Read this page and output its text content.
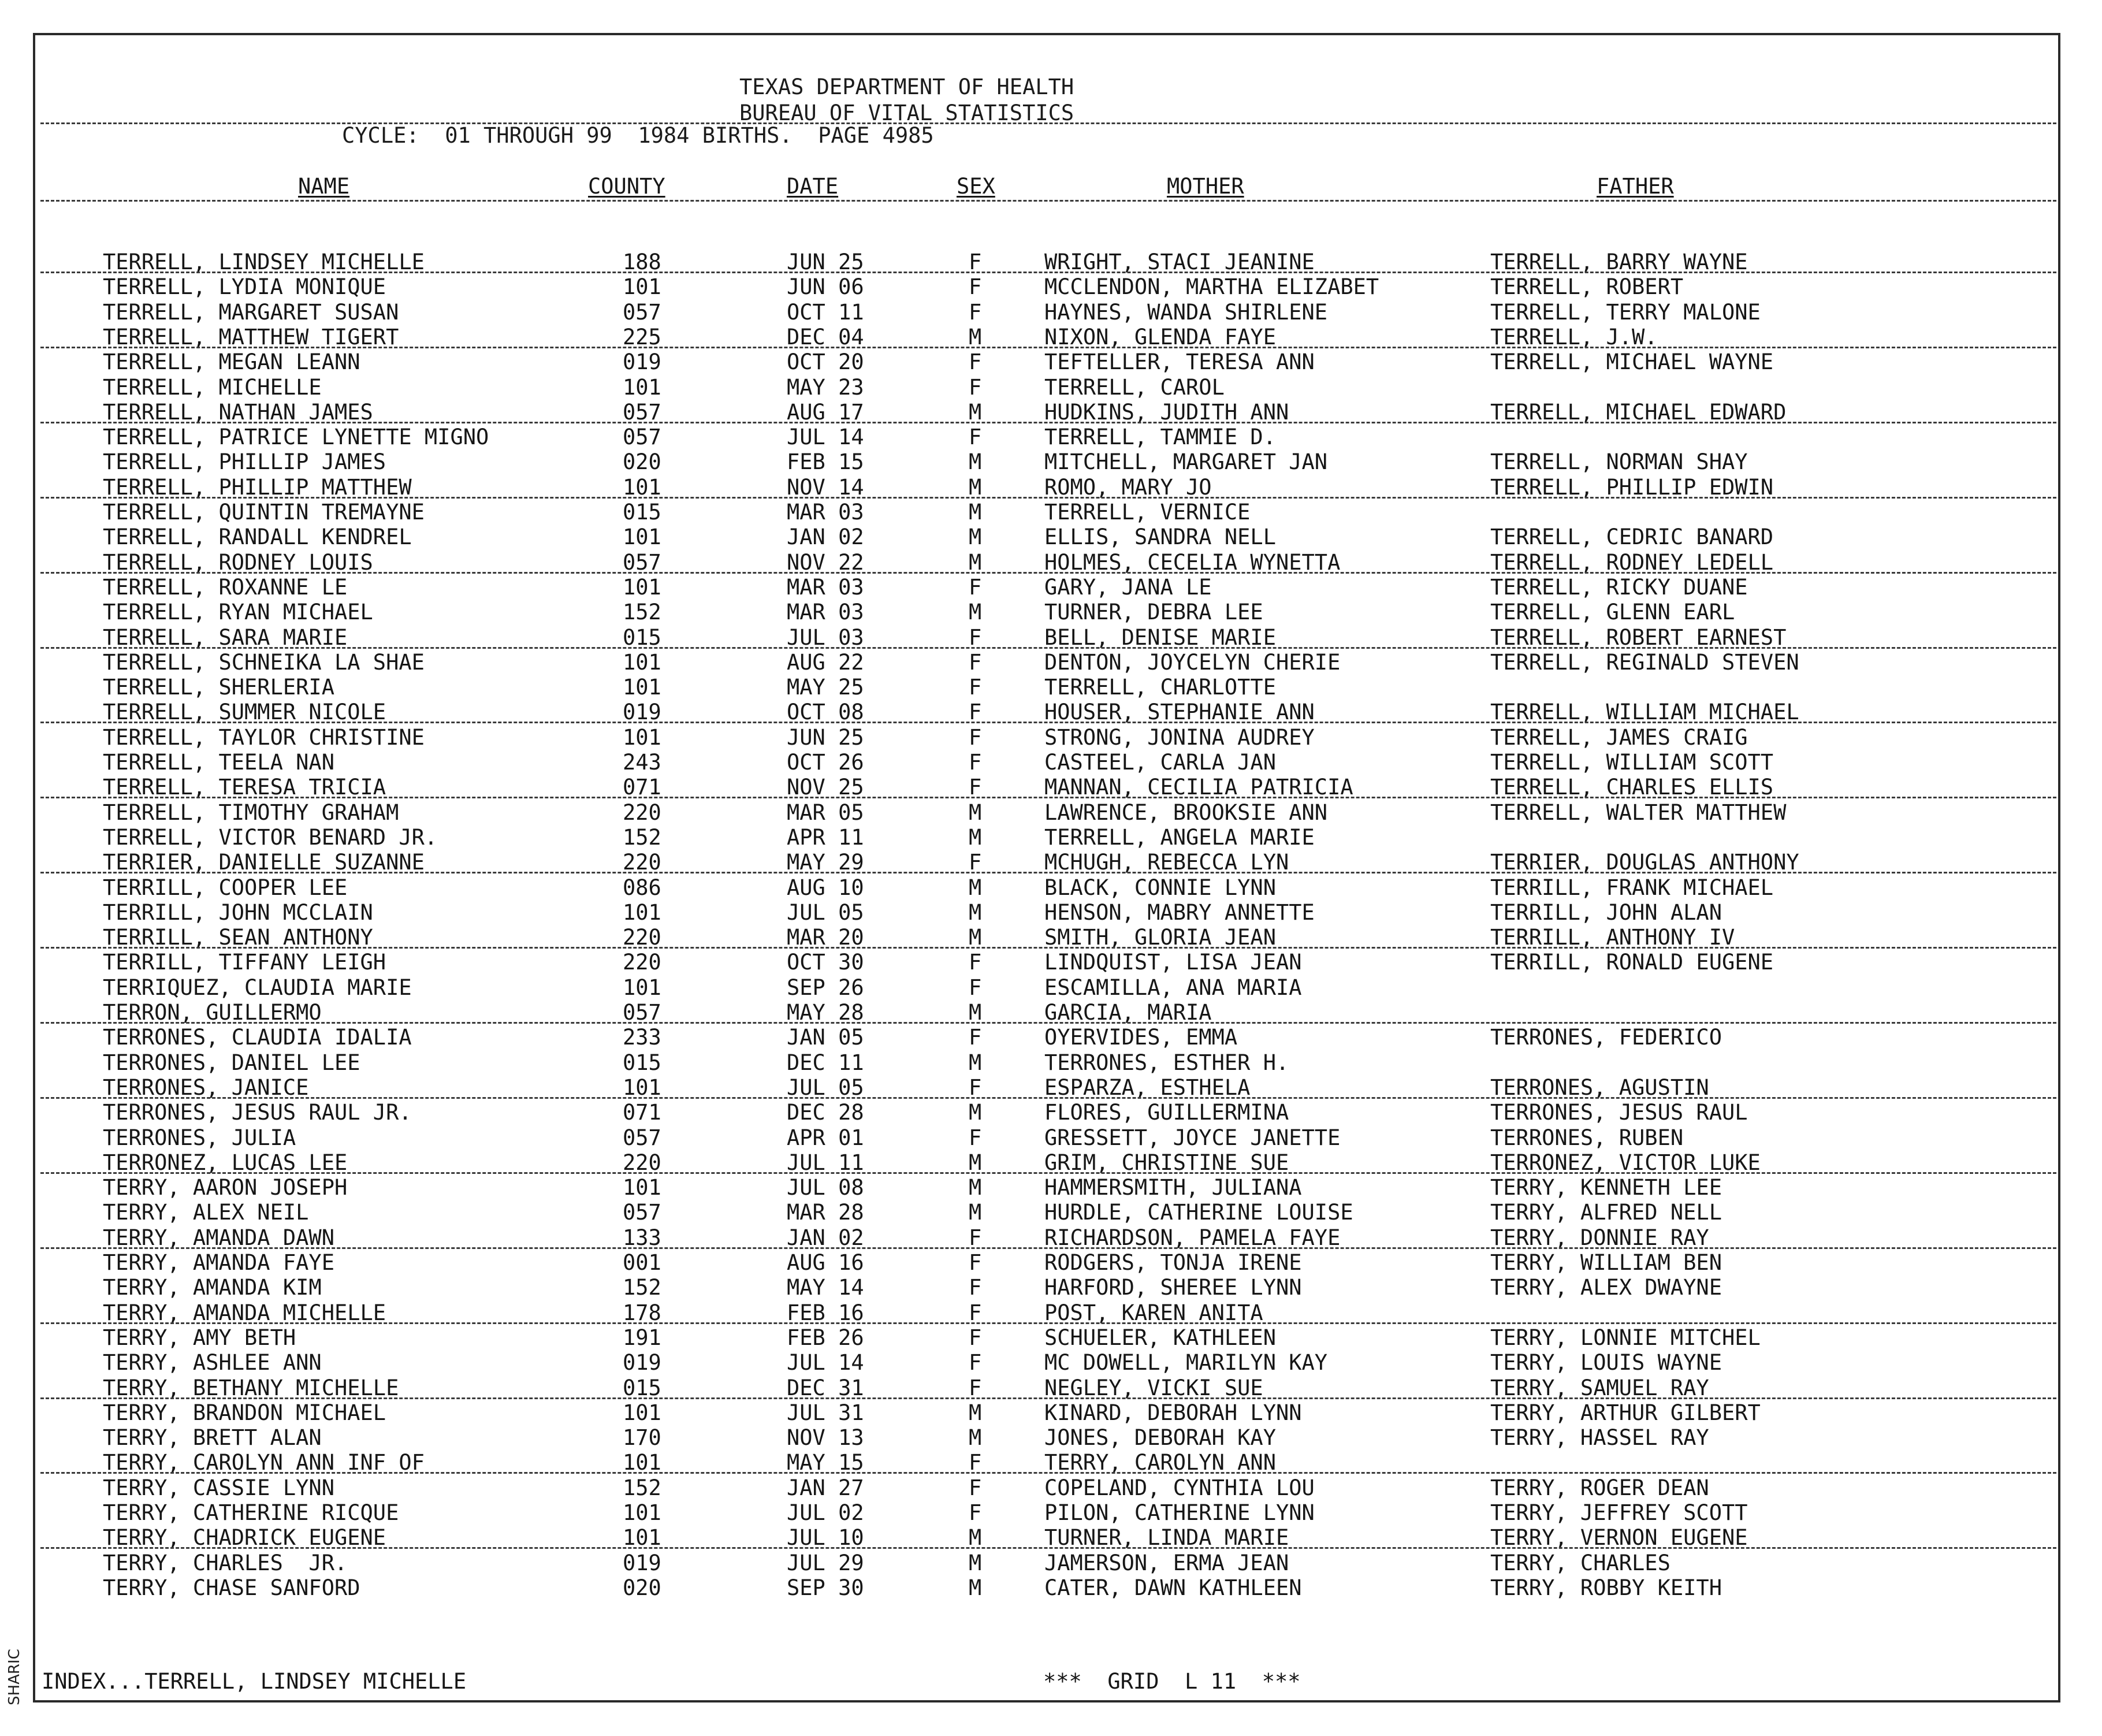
SHARIC
TEXAS DEPARTMENT OF HEALTH
BUREAU OF VITAL STATISTICS
CYCLE:  01 THROUGH 99  1984 BIRTHS.  PAGE 4985
NAME	COUNTY	DATE	SEX	MOTHER	FATHER
TERRELL, LINDSEY MICHELLE	188	JUN 25	F	WRIGHT, STACI JEANINE	TERRELL, BARRY WAYNE
TERRELL, LYDIA MONIQUE	101	JUN 06	F	MCCLENDON, MARTHA ELIZABET	TERRELL, ROBERT
TERRELL, MARGARET SUSAN	057	OCT 11	F	HAYNES, WANDA SHIRLENE	TERRELL, TERRY MALONE
TERRELL, MATTHEW TIGERT	225	DEC 04	M	NIXON, GLENDA FAYE	TERRELL, J.W.
TERRELL, MEGAN LEANN	019	OCT 20	F	TEFTELLER, TERESA ANN	TERRELL, MICHAEL WAYNE
TERRELL, MICHELLE	101	MAY 23	F	TERRELL, CAROL
TERRELL, NATHAN JAMES	057	AUG 17	M	HUDKINS, JUDITH ANN	TERRELL, MICHAEL EDWARD
TERRELL, PATRICE LYNETTE MIGNO	057	JUL 14	F	TERRELL, TAMMIE D.
TERRELL, PHILLIP JAMES	020	FEB 15	M	MITCHELL, MARGARET JAN	TERRELL, NORMAN SHAY
TERRELL, PHILLIP MATTHEW	101	NOV 14	M	ROMO, MARY JO	TERRELL, PHILLIP EDWIN
TERRELL, QUINTIN TREMAYNE	015	MAR 03	M	TERRELL, VERNICE
TERRELL, RANDALL KENDREL	101	JAN 02	M	ELLIS, SANDRA NELL	TERRELL, CEDRIC BANARD
TERRELL, RODNEY LOUIS	057	NOV 22	M	HOLMES, CECELIA WYNETTA	TERRELL, RODNEY LEDELL
TERRELL, ROXANNE LE	101	MAR 03	F	GARY, JANA LE	TERRELL, RICKY DUANE
TERRELL, RYAN MICHAEL	152	MAR 03	M	TURNER, DEBRA LEE	TERRELL, GLENN EARL
TERRELL, SARA MARIE	015	JUL 03	F	BELL, DENISE MARIE	TERRELL, ROBERT EARNEST
TERRELL, SCHNEIKA LA SHAE	101	AUG 22	F	DENTON, JOYCELYN CHERIE	TERRELL, REGINALD STEVEN
TERRELL, SHERLERIA	101	MAY 25	F	TERRELL, CHARLOTTE
TERRELL, SUMMER NICOLE	019	OCT 08	F	HOUSER, STEPHANIE ANN	TERRELL, WILLIAM MICHAEL
TERRELL, TAYLOR CHRISTINE	101	JUN 25	F	STRONG, JONINA AUDREY	TERRELL, JAMES CRAIG
TERRELL, TEELA NAN	243	OCT 26	F	CASTEEL, CARLA JAN	TERRELL, WILLIAM SCOTT
TERRELL, TERESA TRICIA	071	NOV 25	F	MANNAN, CECILIA PATRICIA	TERRELL, CHARLES ELLIS
TERRELL, TIMOTHY GRAHAM	220	MAR 05	M	LAWRENCE, BROOKSIE ANN	TERRELL, WALTER MATTHEW
TERRELL, VICTOR BENARD JR.	152	APR 11	M	TERRELL, ANGELA MARIE
TERRIER, DANIELLE SUZANNE	220	MAY 29	F	MCHUGH, REBECCA LYN	TERRIER, DOUGLAS ANTHONY
TERRILL, COOPER LEE	086	AUG 10	M	BLACK, CONNIE LYNN	TERRILL, FRANK MICHAEL
TERRILL, JOHN MCCLAIN	101	JUL 05	M	HENSON, MABRY ANNETTE	TERRILL, JOHN ALAN
TERRILL, SEAN ANTHONY	220	MAR 20	M	SMITH, GLORIA JEAN	TERRILL, ANTHONY IV
TERRILL, TIFFANY LEIGH	220	OCT 30	F	LINDQUIST, LISA JEAN	TERRILL, RONALD EUGENE
TERRIQUEZ, CLAUDIA MARIE	101	SEP 26	F	ESCAMILLA, ANA MARIA
TERRON, GUILLERMO	057	MAY 28	M	GARCIA, MARIA
TERRONES, CLAUDIA IDALIA	233	JAN 05	F	OYERVIDES, EMMA	TERRONES, FEDERICO
TERRONES, DANIEL LEE	015	DEC 11	M	TERRONES, ESTHER H.
TERRONES, JANICE	101	JUL 05	F	ESPARZA, ESTHELA	TERRONES, AGUSTIN
TERRONES, JESUS RAUL JR.	071	DEC 28	M	FLORES, GUILLERMINA	TERRONES, JESUS RAUL
TERRONES, JULIA	057	APR 01	F	GRESSETT, JOYCE JANETTE	TERRONES, RUBEN
TERRONEZ, LUCAS LEE	220	JUL 11	M	GRIM, CHRISTINE SUE	TERRONEZ, VICTOR LUKE
TERRY, AARON JOSEPH	101	JUL 08	M	HAMMERSMITH, JULIANA	TERRY, KENNETH LEE
TERRY, ALEX NEIL	057	MAR 28	M	HURDLE, CATHERINE LOUISE	TERRY, ALFRED NELL
TERRY, AMANDA DAWN	133	JAN 02	F	RICHARDSON, PAMELA FAYE	TERRY, DONNIE RAY
TERRY, AMANDA FAYE	001	AUG 16	F	RODGERS, TONJA IRENE	TERRY, WILLIAM BEN
TERRY, AMANDA KIM	152	MAY 14	F	HARFORD, SHEREE LYNN	TERRY, ALEX DWAYNE
TERRY, AMANDA MICHELLE	178	FEB 16	F	POST, KAREN ANITA
TERRY, AMY BETH	191	FEB 26	F	SCHUELER, KATHLEEN	TERRY, LONNIE MITCHEL
TERRY, ASHLEE ANN	019	JUL 14	F	MC DOWELL, MARILYN KAY	TERRY, LOUIS WAYNE
TERRY, BETHANY MICHELLE	015	DEC 31	F	NEGLEY, VICKI SUE	TERRY, SAMUEL RAY
TERRY, BRANDON MICHAEL	101	JUL 31	M	KINARD, DEBORAH LYNN	TERRY, ARTHUR GILBERT
TERRY, BRETT ALAN	170	NOV 13	M	JONES, DEBORAH KAY	TERRY, HASSEL RAY
TERRY, CAROLYN ANN INF OF	101	MAY 15	F	TERRY, CAROLYN ANN
TERRY, CASSIE LYNN	152	JAN 27	F	COPELAND, CYNTHIA LOU	TERRY, ROGER DEAN
TERRY, CATHERINE RICQUE	101	JUL 02	F	PILON, CATHERINE LYNN	TERRY, JEFFREY SCOTT
TERRY, CHADRICK EUGENE	101	JUL 10	M	TURNER, LINDA MARIE	TERRY, VERNON EUGENE
TERRY, CHARLES  JR.	019	JUL 29	M	JAMERSON, ERMA JEAN	TERRY, CHARLES
TERRY, CHASE SANFORD	020	SEP 30	M	CATER, DAWN KATHLEEN	TERRY, ROBBY KEITH
INDEX...TERRELL, LINDSEY MICHELLE	***  GRID  L 11  ***
